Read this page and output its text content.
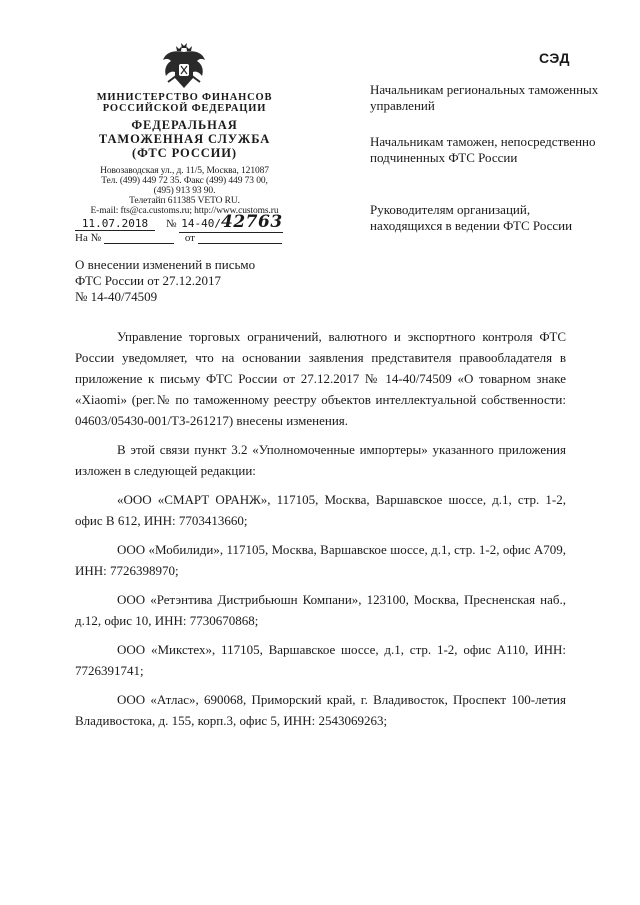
СЭД
МИНИСТЕРСТВО ФИНАНСОВ
РОССИЙСКОЙ ФЕДЕРАЦИИ
ФЕДЕРАЛЬНАЯ
ТАМОЖЕННАЯ СЛУЖБА
(ФТС РОССИИ)
Новозаводская ул., д. 11/5, Москва, 121087
Тел. (499) 449 72 35. Факс (499) 449 73 00,
(495) 913 93 90.
Телетайп 611385 VETO RU.
E-mail: fts@ca.customs.ru; http://www.customs.ru
11.07.2018 № 14-40/42763
На №	от
Начальникам региональных таможенных управлений
Начальникам таможен, непосредственно подчиненных ФТС России
Руководителям организаций, находящихся в ведении ФТС России
О внесении изменений в письмо
ФТС России от 27.12.2017
№ 14-40/74509

Управление торговых ограничений, валютного и экспортного контроля ФТС России уведомляет, что на основании заявления представителя правообладателя в приложение к письму ФТС России от 27.12.2017 № 14-40/74509 «О товарном знаке «Xiaomi» (рег.№ по таможенному реестру объектов интеллектуальной собственности: 04603/05430-001/ТЗ-261217) внесены изменения.

В этой связи пункт 3.2 «Уполномоченные импортеры» указанного приложения изложен в следующей редакции:

«ООО «СМАРТ ОРАНЖ», 117105, Москва, Варшавское шоссе, д.1, стр. 1-2, офис В 612, ИНН: 7703413660;

ООО «Мобилиди», 117105, Москва, Варшавское шоссе, д.1, стр. 1-2, офис А709, ИНН: 7726398970;

ООО «Ретэнтива Дистрибьюшн Компани», 123100, Москва, Пресненская наб., д.12, офис 10, ИНН: 7730670868;

ООО «Микстех», 117105, Варшавское шоссе, д.1, стр. 1-2, офис А110, ИНН: 7726391741;

ООО «Атлас», 690068, Приморский край, г. Владивосток, Проспект 100-летия Владивостока, д. 155, корп.3, офис 5, ИНН: 2543069263;
